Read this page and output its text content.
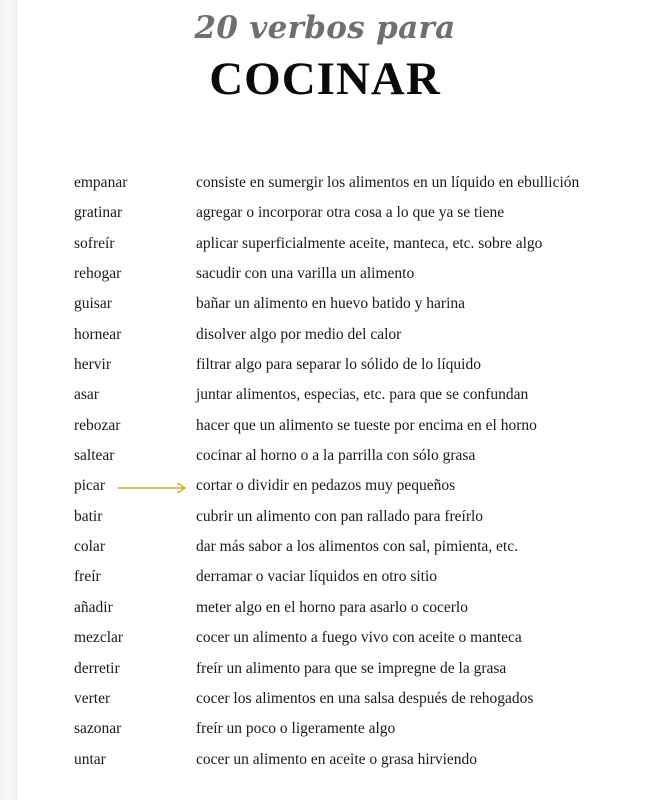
20 verbos para
COCINAR
empanar	consiste en sumergir los alimentos en un líquido en ebullición
gratinar	agregar o incorporar otra cosa a lo que ya se tiene
sofreír	aplicar superficialmente aceite, manteca, etc. sobre algo
rehogar	sacudir con una varilla un alimento
guisar	bañar un alimento en huevo batido y harina
hornear	disolver algo por medio del calor
hervir	filtrar algo para separar lo sólido de lo líquido
asar	juntar alimentos, especias, etc. para que se confundan
rebozar	hacer que un alimento se tueste por encima en el horno
saltear	cocinar al horno o a la parrilla con sólo grasa
picar	cortar o dividir en pedazos muy pequeños
batir	cubrir un alimento con pan rallado para freírlo
colar	dar más sabor a los alimentos con sal, pimienta, etc.
freír	derramar o vaciar líquidos en otro sitio
añadir	meter algo en el horno para asarlo o cocerlo
mezclar	cocer un alimento a fuego vivo con aceite o manteca
derretir	freír un alimento para que se impregne de la grasa
verter	cocer los alimentos en una salsa después de rehogados
sazonar	freír un poco o ligeramente algo
untar	cocer un alimento en aceite o grasa hirviendo
